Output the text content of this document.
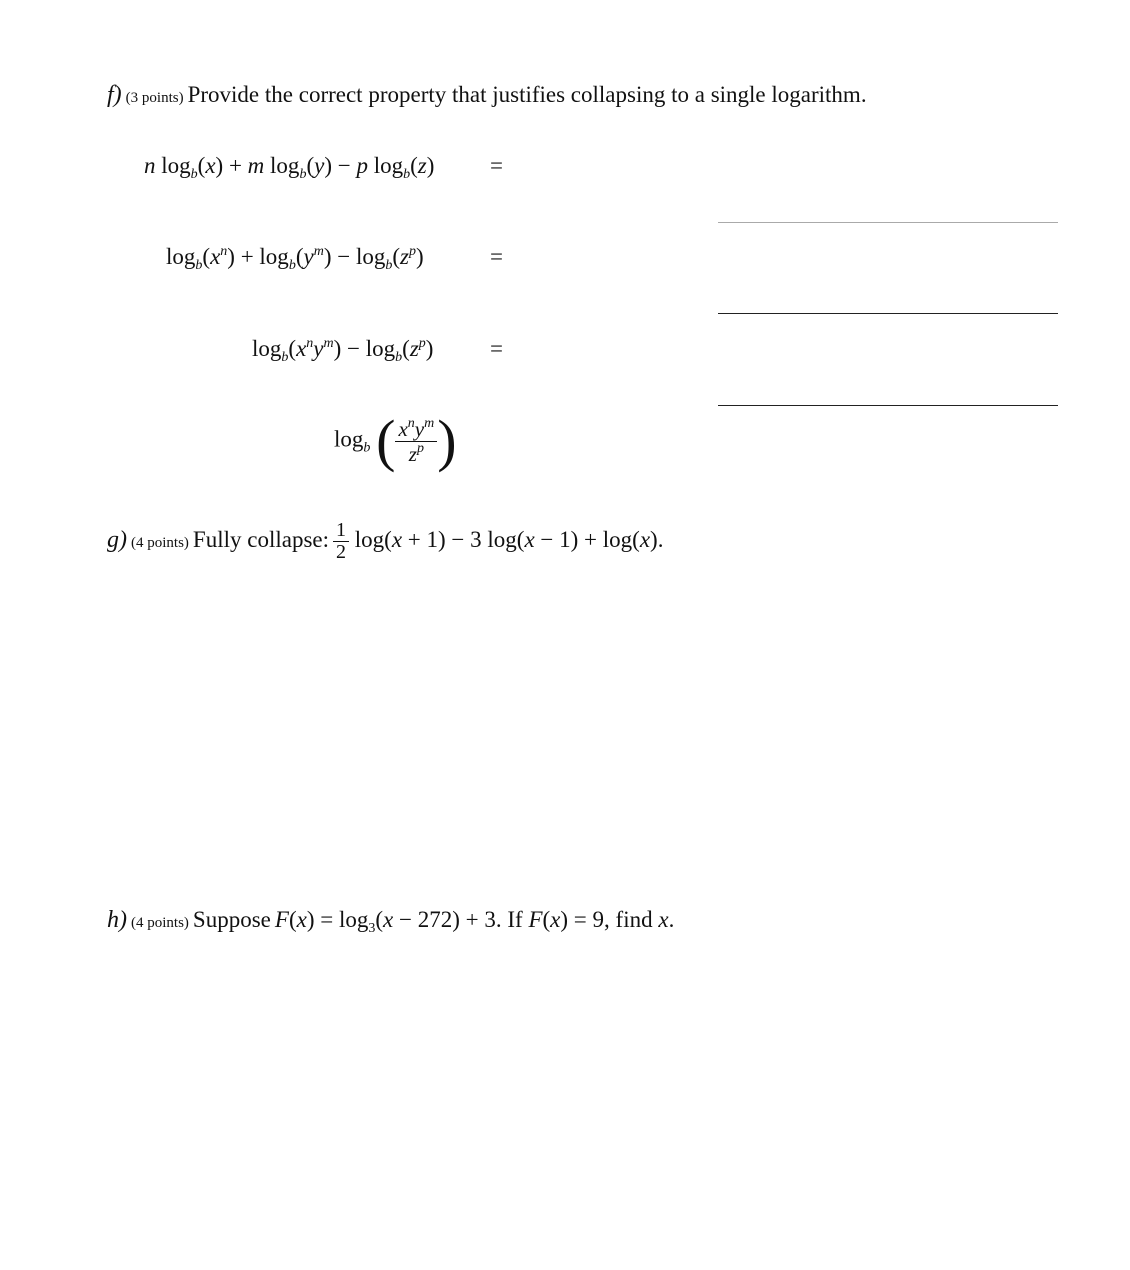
f) (3 points) Provide the correct property that justifies collapsing to a single logarithm.
n $\log_b(x) + m$ $\log_b(y) - p$ $\log_b(z)$ =
$\log_b(x^n) + \log_b(y^m) - \log_b(z^p)$	=
$\log_b(x^ny^m) - \log_b(z^p)$ =
$\log_b$ ( $\frac{x^ny^m}{z^p}$ )
g) (4 points) Fully collapse: $\frac{1}{2} \log(x + 1) - 3$ log(x − 1) + log(x).
h) (4 points) Suppose $F(x) = \log_3(x - 272) + 3$. If F(x) = 9, find x.
